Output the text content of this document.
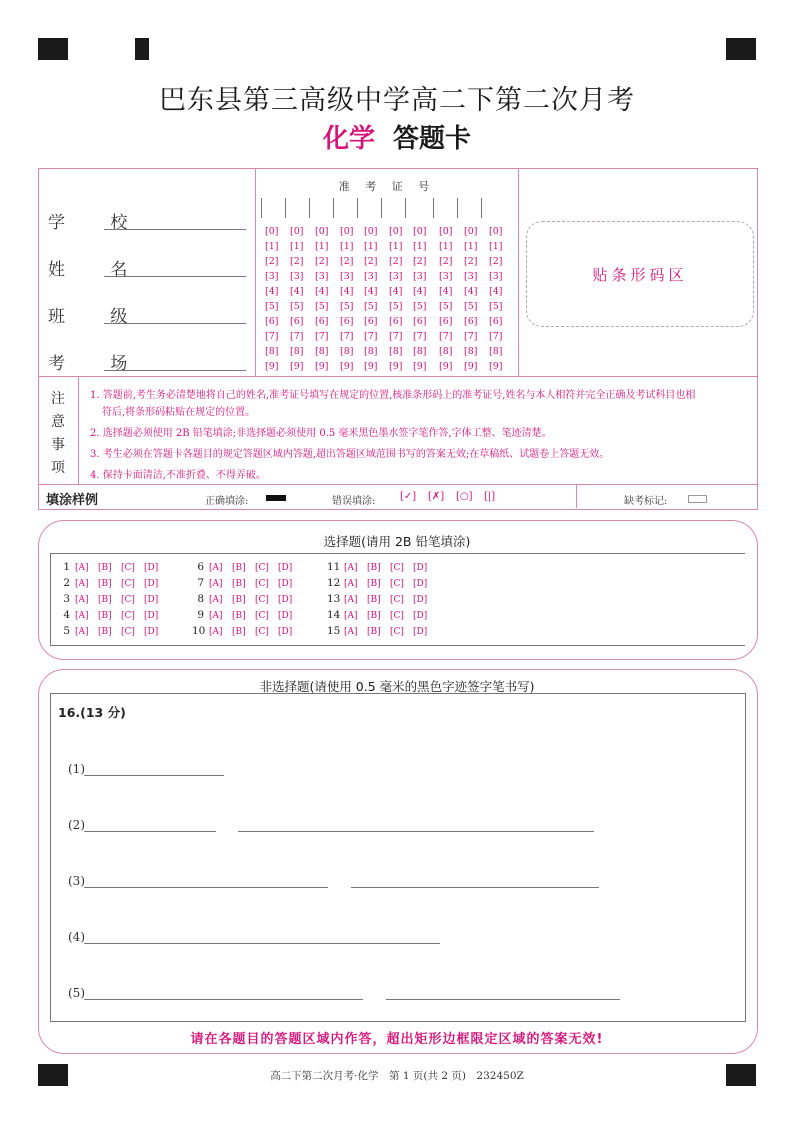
巴东县第三高级中学高二下第二次月考
化学 答题卡
学 校
姓 名
班 级
考 场
准 考 证 号
[0] [0] [0] [0] [0] [0] [0] [0] [0] [0]
[1] [1] [1] [1] [1] [1] [1] [1] [1] [1]
[2] [2] [2] [2] [2] [2] [2] [2] [2] [2]
[3] [3] [3] [3] [3] [3] [3] [3] [3] [3]
[4] [4] [4] [4] [4] [4] [4] [4] [4] [4]
[5] [5] [5] [5] [5] [5] [5] [5] [5] [5]
[6] [6] [6] [6] [6] [6] [6] [6] [6] [6]
[7] [7] [7] [7] [7] [7] [7] [7] [7] [7]
[8] [8] [8] [8] [8] [8] [8] [8] [8] [8]
[9] [9] [9] [9] [9] [9] [9] [9] [9] [9]
贴条形码区
注
意
事
项
1. 答题前,考生务必清楚地将自己的姓名,准考证号填写在规定的位置,核准条形码上的准考证号,姓名与本人相符并完全正确及考试科目也相
符后,将条形码粘贴在规定的位置。
2. 选择题必须使用 2B 铅笔填涂;非选择题必须使用 0.5 毫米黑色墨水签字笔作答,字体工整、笔迹清楚。
3. 考生必须在答题卡各题目的规定答题区域内答题,超出答题区域范围书写的答案无效;在草稿纸、试题卷上答题无效。
4. 保持卡面清洁,不准折叠、不得弄破。
填涂样例	正确填涂:	错误填涂: [✓] [✗] [○] [|]	缺考标记:
选择题(请用 2B 铅笔填涂)
1 [A] [B] [C] [D]
2 [A] [B] [C] [D]
3 [A] [B] [C] [D]
4 [A] [B] [C] [D]
5 [A] [B] [C] [D]
6 [A] [B] [C] [D]
7 [A] [B] [C] [D]
8 [A] [B] [C] [D]
9 [A] [B] [C] [D]
10 [A] [B] [C] [D]
11 [A] [B] [C] [D]
12 [A] [B] [C] [D]
13 [A] [B] [C] [D]
14 [A] [B] [C] [D]
15 [A] [B] [C] [D]
非选择题(请使用 0.5 毫米的黑色字迹签字笔书写)
16.(13 分)
(1)
(2)
(3)
(4)
(5)
请在各题目的答题区域内作答，超出矩形边框限定区域的答案无效!
高二下第二次月考·化学　第 1 页(共 2 页)　232450Z
